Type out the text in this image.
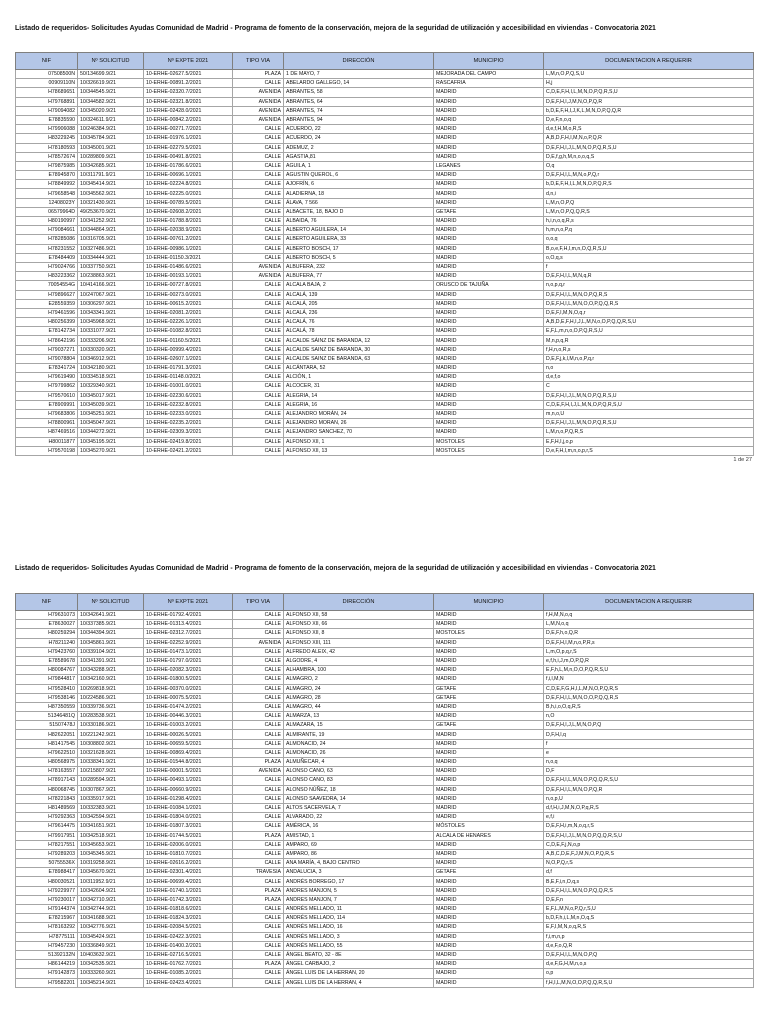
Listado de requeridos- Solicitudes Ayudas Comunidad de Madrid - Programa de fomento de la conservación, mejora de la seguridad de utilización y accesibilidad en viviendas - Convocatoria 2021
NIF	Nº SOLICITUD	Nº EXPTE 2021	TIPO VIA	DIRECCIÓN	MUNICIPIO	DOCUMENTACION A REQUERIR
07508500N	50/134699.9/21	10-ERHE-02627.5/2021	PLAZA	1 DE MAYO, 7	MEJORADA DEL CAMPO	L,M,n,O,P,Q,S,U
00909110N	10/326619.9/21	10-ERHE-00891.2/2021	CALLE	ABELARDO GALLEGO, 14	RASCAFRIA	H,j
H78689651	10/344545.9/21	10-ERHE-02320.7/2021	AVENIDA	ABRANTES, 58	MADRID	C,D,E,F,H,I,L,M,N,O,P,Q,R,S,U
H79768891	10/344582.9/21	10-ERHE-02321.8/2021	AVENIDA	ABRANTES, 64	MADRID	D,E,F,H,I,J,M,N,O,P,Q,R
H79094082	10/345020.9/21	10-ERHE-02428.0/2021	AVENIDA	ABRANTES, 74	MADRID	b,D,E,F,H,I,J,K,L,M,N,O,P,Q,Q,R
E78835590	10/324611.9/21	10-ERHE-00842.2/2021	AVENIDA	ABRANTES, 94	MADRID	D,e,F,n,o,q
H79906088	10/246384.9/21	10-ERHE-00271.7/2021	CALLE	ACUERDO, 22	MADRID	d,e,f,H,M,o,R,S
H83229245	10/345784.9/21	10-ERHE-01976.1/2021	CALLE	ACUERDO, 24	MADRID	A,B,D,F,H,I,M,N,o,P,Q,R
H78180593	10/345001.9/21	10-ERHE-02279.5/2021	CALLE	ADEMUZ, 2	MADRID	D,E,F,H,I,J,L,M,N,O,P,Q,R,S,U
H78572674	10/289809.9/21	10-ERHE-00491.8/2021	CALLE	AGASTIA,81	MADRID	D,E,f,g,h,M,n,o,o,q,S
H79875985	10/342685.9/21	10-ERHE-01786.6/2021	CALLE	AGUILA, 1	LEGANES	O,q
E78945870	10/311791.9/21	10-ERHE-00696.1/2021	CALLE	AGUSTIN QUEROL, 6	MADRID	D,E,F,H,I,L,M,N,o,P,Q,r
H78849992	10/345414.9/21	10-ERHE-02224.8/2021	CALLE	AJOFRÍN, 6	MADRID	b,D,E,F,H,I,L,M,N,O,P,Q,R,S
H79658548	10/345562.9/21	10-ERHE-02225.0/2021	CALLE	ALADIERNA, 18	MADRID	d,n,i
12408023Y	10/321430.9/21	10-ERHE-00789.5/2021	CALLE	ÁLAVA, 7 566	MADRID	L,M,n,O,P,Q
06579964D	49/253670.9/21	10-ERHE-02608.2/2021	CALLE	ALBACETE, 18, BAJO D	GETAFE	L,M,n,O,P,Q,Q,R,S
H80190997	10/341252.9/21	10-ERHE-01788.8/2021	CALLE	ALBAIDA, 76	MADRID	h,i,n,o,q,R,s
H79084661	10/344864.9/21	10-ERHE-02038.9/2021	CALLE	ALBERTO AGUILERA, 14	MADRID	h,m,n,o,P,q
H78285086	10/316705.9/21	10-ERHE-00761.2/2021	CALLE	ALBERTO AGUILERA, 33	MADRID	o,o,q
H78231552	10/327486.9/21	10-ERHE-00986.1/2021	CALLE	ALBERTO BOSCH, 17	MADRID	B,o,e,F,H,I,m,n,O,Q,R,S,U
E78484409	10/334444.9/21	10-ERHE-01150.3/2021	CALLE	ALBERTO BOSCH, 5	MADRID	o,O,q,s
H79024766	10/337750.9/21	10-ERHE-01486.6/2021	AVENIDA	ALBUFERA, 232	MADRID	f
H83223362	10/238863.9/21	10-ERHE-00193.1/2021	AVENIDA	ALBUFERA, 77	MADRID	D,E,F,H,I,L,M,N,q,R
70054554G	10/414166.9/21	10-ERHE-00727.8/2021	CALLE	ALCALA BAJA, 2	ORUSCO DE TAJUÑA	n,o,p,q,r
H79896627	10/247067.9/21	10-ERHE-00273.0/2021	CALLE	ALCALÁ, 139	MADRID	D,E,F,H,I,L,M,N,O,P,Q,R,S
E28559359	10/306297.9/21	10-ERHE-00615.2/2021	CALLE	ALCALÁ, 205	MADRID	D,E,F,H,I,L,M,N,O,O,P,Q,Q,R,S
H79461596	10/343341.9/21	10-ERHE-02081.2/2021	CALLE	ALCALÁ, 236	MADRID	D,E,F,I,M,N,O,q,r
H80256399	10/345968.9/21	10-ERHE-02226.1/2021	CALLE	ALCALÁ, 76	MADRID	A,B,D,E,F,H,I,J,L,M,N,o,O,P,Q,Q,R,S,U
E78142734	10/331077.9/21	10-ERHE-01082.8/2021	CALLE	ALCALÁ, 78	MADRID	E,F,L,m,n,o,O,P,Q,R,S,U
H78642196	10/333206.9/21	10-ERHE-01160.5/2021	CALLE	ALCALDE SÁINZ DE BARANDA, 12	MADRID	M,n,p,q,R
H79037271	10/330320.9/21	10-ERHE-00999.4/2021	CALLE	ALCALDE SAINZ DE BARANDA, 30	MADRID	f,H,n,o,R,s
H79078804	10/346912.9/21	10-ERHE-02607.1/2021	CALLE	ALCALDE SAINZ DE BARANDA, 63	MADRID	D,E,F,j,k,l,M,n,o,P,q,r
E78341724	10/342180.9/21	10-ERHE-01791.3/2021	CALLE	ALCÁNTARA, 52	MADRID	n,o
H79619490	10/334518.9/21	10-ERHE-01148.0/2021	CALLE	ALCIÓN, 1	MADRID	d,e,f,o
H79799862	10/329340.9/21	10-ERHE-01001.0/2021	CALLE	ALCOCER, 31	MADRID	C
H79570610	10/345017.9/21	10-ERHE-02230.6/2021	CALLE	ALEGRIA, 14	MADRID	D,E,F,H,I,J,L,M,N,O,P,Q,R,S,U
E78909991	10/345039.9/21	10-ERHE-02232.8/2021	CALLE	ALEGRIA, 16	MADRID	C,D,E,F,H,I,J,L,M,N,O,P,Q,R,S,U
H79683806	10/345251.9/21	10-ERHE-02233.0/2021	CALLE	ALEJANDRO MORÁN, 24	MADRID	m,n,o,U
H78800961	10/345047.9/21	10-ERHE-02235.2/2021	CALLE	ALEJANDRO MORAN, 26	MADRID	D,E,F,H,I,J,L,M,N,O,P,Q,R,S,U
H87469516	10/344272.9/21	10-ERHE-02309.3/2021	CALLE	ALEJANDRO SANCHEZ, 70	MADRID	L,M,n,o,P,Q,R,S
H80011877	10/345195.9/21	10-ERHE-02419.8/2021	CALLE	ALFONSO XII, 1	MOSTOLES	E,F,H,I,j,o,p
H79570198	10/345270.9/21	10-ERHE-02421.2/2021	CALLE	ALFONSO XII, 13	MOSTOLES	D,e,F,H,I,m,n,o,p,r,S
1 de 27
Listado de requeridos- Solicitudes Ayudas Comunidad de Madrid - Programa de fomento de la conservación, mejora de la seguridad de utilización y accesibilidad en viviendas - Convocatoria 2021
NIF	Nº SOLICITUD	Nº EXPTE 2021	TIPO VIA	DIRECCIÓN	MUNICIPIO	DOCUMENTACION A REQUERIR
H79631073	10/342641.9/21	10-ERHE-01792.4/2021	CALLE	ALFONSO XII, 58	MADRID	f,H,M,N,o,q
E78630027	10/337385.9/21	10-ERHE-01313.4/2021	CALLE	ALFONSO XII, 66	MADRID	L,M,N,o,q
H80259294	10/344394.9/21	10-ERHE-02312.7/2021	CALLE	ALFONSO XII, 8	MOSTOLES	D,E,F,h,o,Q,R
H78211240	10/345861.9/21	10-ERHE-02252.9/2021	AVENIDA	ALFONSO XIII, 111	MADRID	D,E,F,H,I,M,n,o,P,R,s
H79423760	10/339104.9/21	10-ERHE-01473.1/2021	CALLE	ALFREDO ALEIX, 42	MADRID	L,m,O,p,q,r,S
E78589678	10/341391.9/21	10-ERHE-01797.0/2021	CALLE	ALGODRE, 4	MADRID	e,f,h,i,J,m,O,P,Q,R
H80084767	10/343288.9/21	10-ERHE-02082.3/2021	CALLE	ALHAMBRA, 100	MADRID	E,F,h,L,M,n,O,O,P,Q,R,S,U
H79844817	10/342160.9/21	10-ERHE-01800.5/2021	CALLE	ALMAGRO, 2	MADRID	f,i,l,M,N
H79528410	10/269818.9/21	10-ERHE-00370.0/2021	CALLE	ALMAGRO, 24	GETAFE	C,D,E,F,G,H,I,L,M,N,O,P,Q,R,S
H79538146	10/224586.9/21	10-ERHE-00075.5/2021	CALLE	ALMAGRO, 28	GETAFE	D,E,F,H,I,L,M,N,O,O,P,Q,Q,R,S
H87350559	10/339736.9/21	10-ERHE-01474.2/2021	CALLE	ALMAGRO, 44	MADRID	B,h,i,o,O,q,R,S
51346481Q	10/283538.9/21	10-ERHE-00446.3/2021	CALLE	ALMARZA, 13	MADRID	n,O
51507478J	10/330186.9/21	10-ERHE-01003.2/2021	CALLE	ALMAZARA, 15	GETAFE	D,E,F,H,I,J,L,M,N,O,P,Q
H82622051	10/221242.9/21	10-ERHE-00026.5/2021	CALLE	ALMIRANTE, 19	MADRID	D,F,H,l,q
H81417545	10/308802.9/21	10-ERHE-00659.5/2021	CALLE	ALMONACID, 24	MADRID	f
H79622510	10/321628.9/21	10-ERHE-00869.4/2021	CALLE	ALMONACID, 26	MADRID	e
H80568975	10/338341.9/21	10-ERHE-01544.8/2021	PLAZA	ALMUÑECAR, 4	MADRID	n,o,q
H78163557	10/215807.9/21	10-ERHE-00001.5/2021	AVENIDA	ALONSO CANO, 63	MADRID	D,F
H78917143	10/289594.9/21	10-ERHE-00493.1/2021	CALLE	ALONSO CANO, 83	MADRID	D,E,F,H,I,L,M,N,O,P,Q,Q,R,S,U
H80068745	10/307867.9/21	10-ERHE-00660.9/2021	CALLE	ALONSO NÚÑEZ, 18	MADRID	D,E,F,H,I,L,M,N,O,P,Q,R
H78221843	10/335917.9/21	10-ERHE-01298.4/2021	CALLE	ALONSO SAAVEDRA, 14	MADRID	n,o,p,U
H81489569	10/332383.9/21	10-ERHE-01084.1/2021	CALLE	ALTOS SACERVELA, 7	MADRID	d,f,H,i,J,M,N,O,P,q,R,S
H79292363	10/342594.9/21	10-ERHE-01804.0/2021	CALLE	ALVARADO, 22	MADRID	e,f,i
H79614475	10/341651.9/21	10-ERHE-01807.3/2021	CALLE	AMÉRICA, 16	MÓSTOLES	D,E,F,H,i,m,N,o,q,r,S
H79917951	10/342518.9/21	10-ERHE-01744.5/2021	PLAZA	AMISTAD, 1	ALCALA DE HENARES	D,E,F,H,I,J,L,M,N,O,P,Q,Q,R,S,U
H78217551	10/345653.9/21	10-ERHE-02006.0/2021	CALLE	AMPARO, 69	MADRID	C,D,E,F,j,N,o,p
H79289203	10/345345.9/21	10-ERHE-01810.7/2021	CALLE	AMPARO, 86	MADRID	A,B,C,D,E,F,J,M,N,O,P,Q,R,S
50755536X	10/319258.9/21	10-ERHE-02616.2/2021	CALLE	ANA MARÍA, 4, BAJO CENTRO	MADRID	N,O,P,Q,r,S
E78988417	10/345670.9/21	10-ERHE-02301.4/2021	TRAVESIA	ANDALUCIA, 3	GETAFE	d,f
H80030521	10/311952.9/21	10-ERHE-00699.4/2021	CALLE	ANDRÉS BORREGO, 17	MADRID	B,E,F,i,n,O,q,s
H79229977	10/342604.9/21	10-ERHE-01740.1/2021	PLAZA	ANDRES MANJON, 5	MADRID	D,E,F,H,I,L,M,N,O,P,Q,Q,R,S
H79230017	10/342710.9/21	10-ERHE-01742.3/2021	PLAZA	ANDRES MANJON, 7	MADRID	D,E,F,n
H79144374	10/342744.9/21	10-ERHE-01818.6/2021	CALLE	ANDRÉS MELLADO, 11	MADRID	E,F,L,M,N,o,P,Q,r,S,U
E78215967	10/341688.9/21	10-ERHE-01824.3/2021	CALLE	ANDRÉS MELLADO, 114	MADRID	b,D,F,h,i,L,M,n,O,q,S
H78163292	10/342776.9/21	10-ERHE-02084.5/2021	CALLE	ANDRÉS MELLADO, 16	MADRID	E,F,I,M,N,o,q,R,S
H78775111	10/345424.9/21	10-ERHE-02422.3/2021	CALLE	ANDRÉS MELLADO, 3	MADRID	f,i,m,n,p
H79457230	10/336849.9/21	10-ERHE-01400.2/2021	CALLE	ANDRÉS MELLADO, 55	MADRID	d,e,F,o,Q,R
51392132N	10/403632.9/21	10-ERHE-02716.5/2021	CALLE	ÁNGEL BEATO, 32 - 8E	MADRID	D,E,F,H,I,L,M,N,O,P,Q
H86144219	10/342535.9/21	10-ERHE-01762.7/2021	PLAZA	ÁNGEL CARBAJO, 2	MADRID	d,e,F,G,H,M,n,o,s
H79142873	10/333260.9/21	10-ERHE-01085.2/2021	CALLE	ÁNGEL LUIS DE LA HERRAN, 20	MADRID	o,p
H79582201	10/345214.9/21	10-ERHE-02423.4/2021	CALLE	ANGEL LUIS DE LA HERRAN, 4	MADRID	f,H,I,L,M,N,O,O,P,Q,Q,R,S,U
